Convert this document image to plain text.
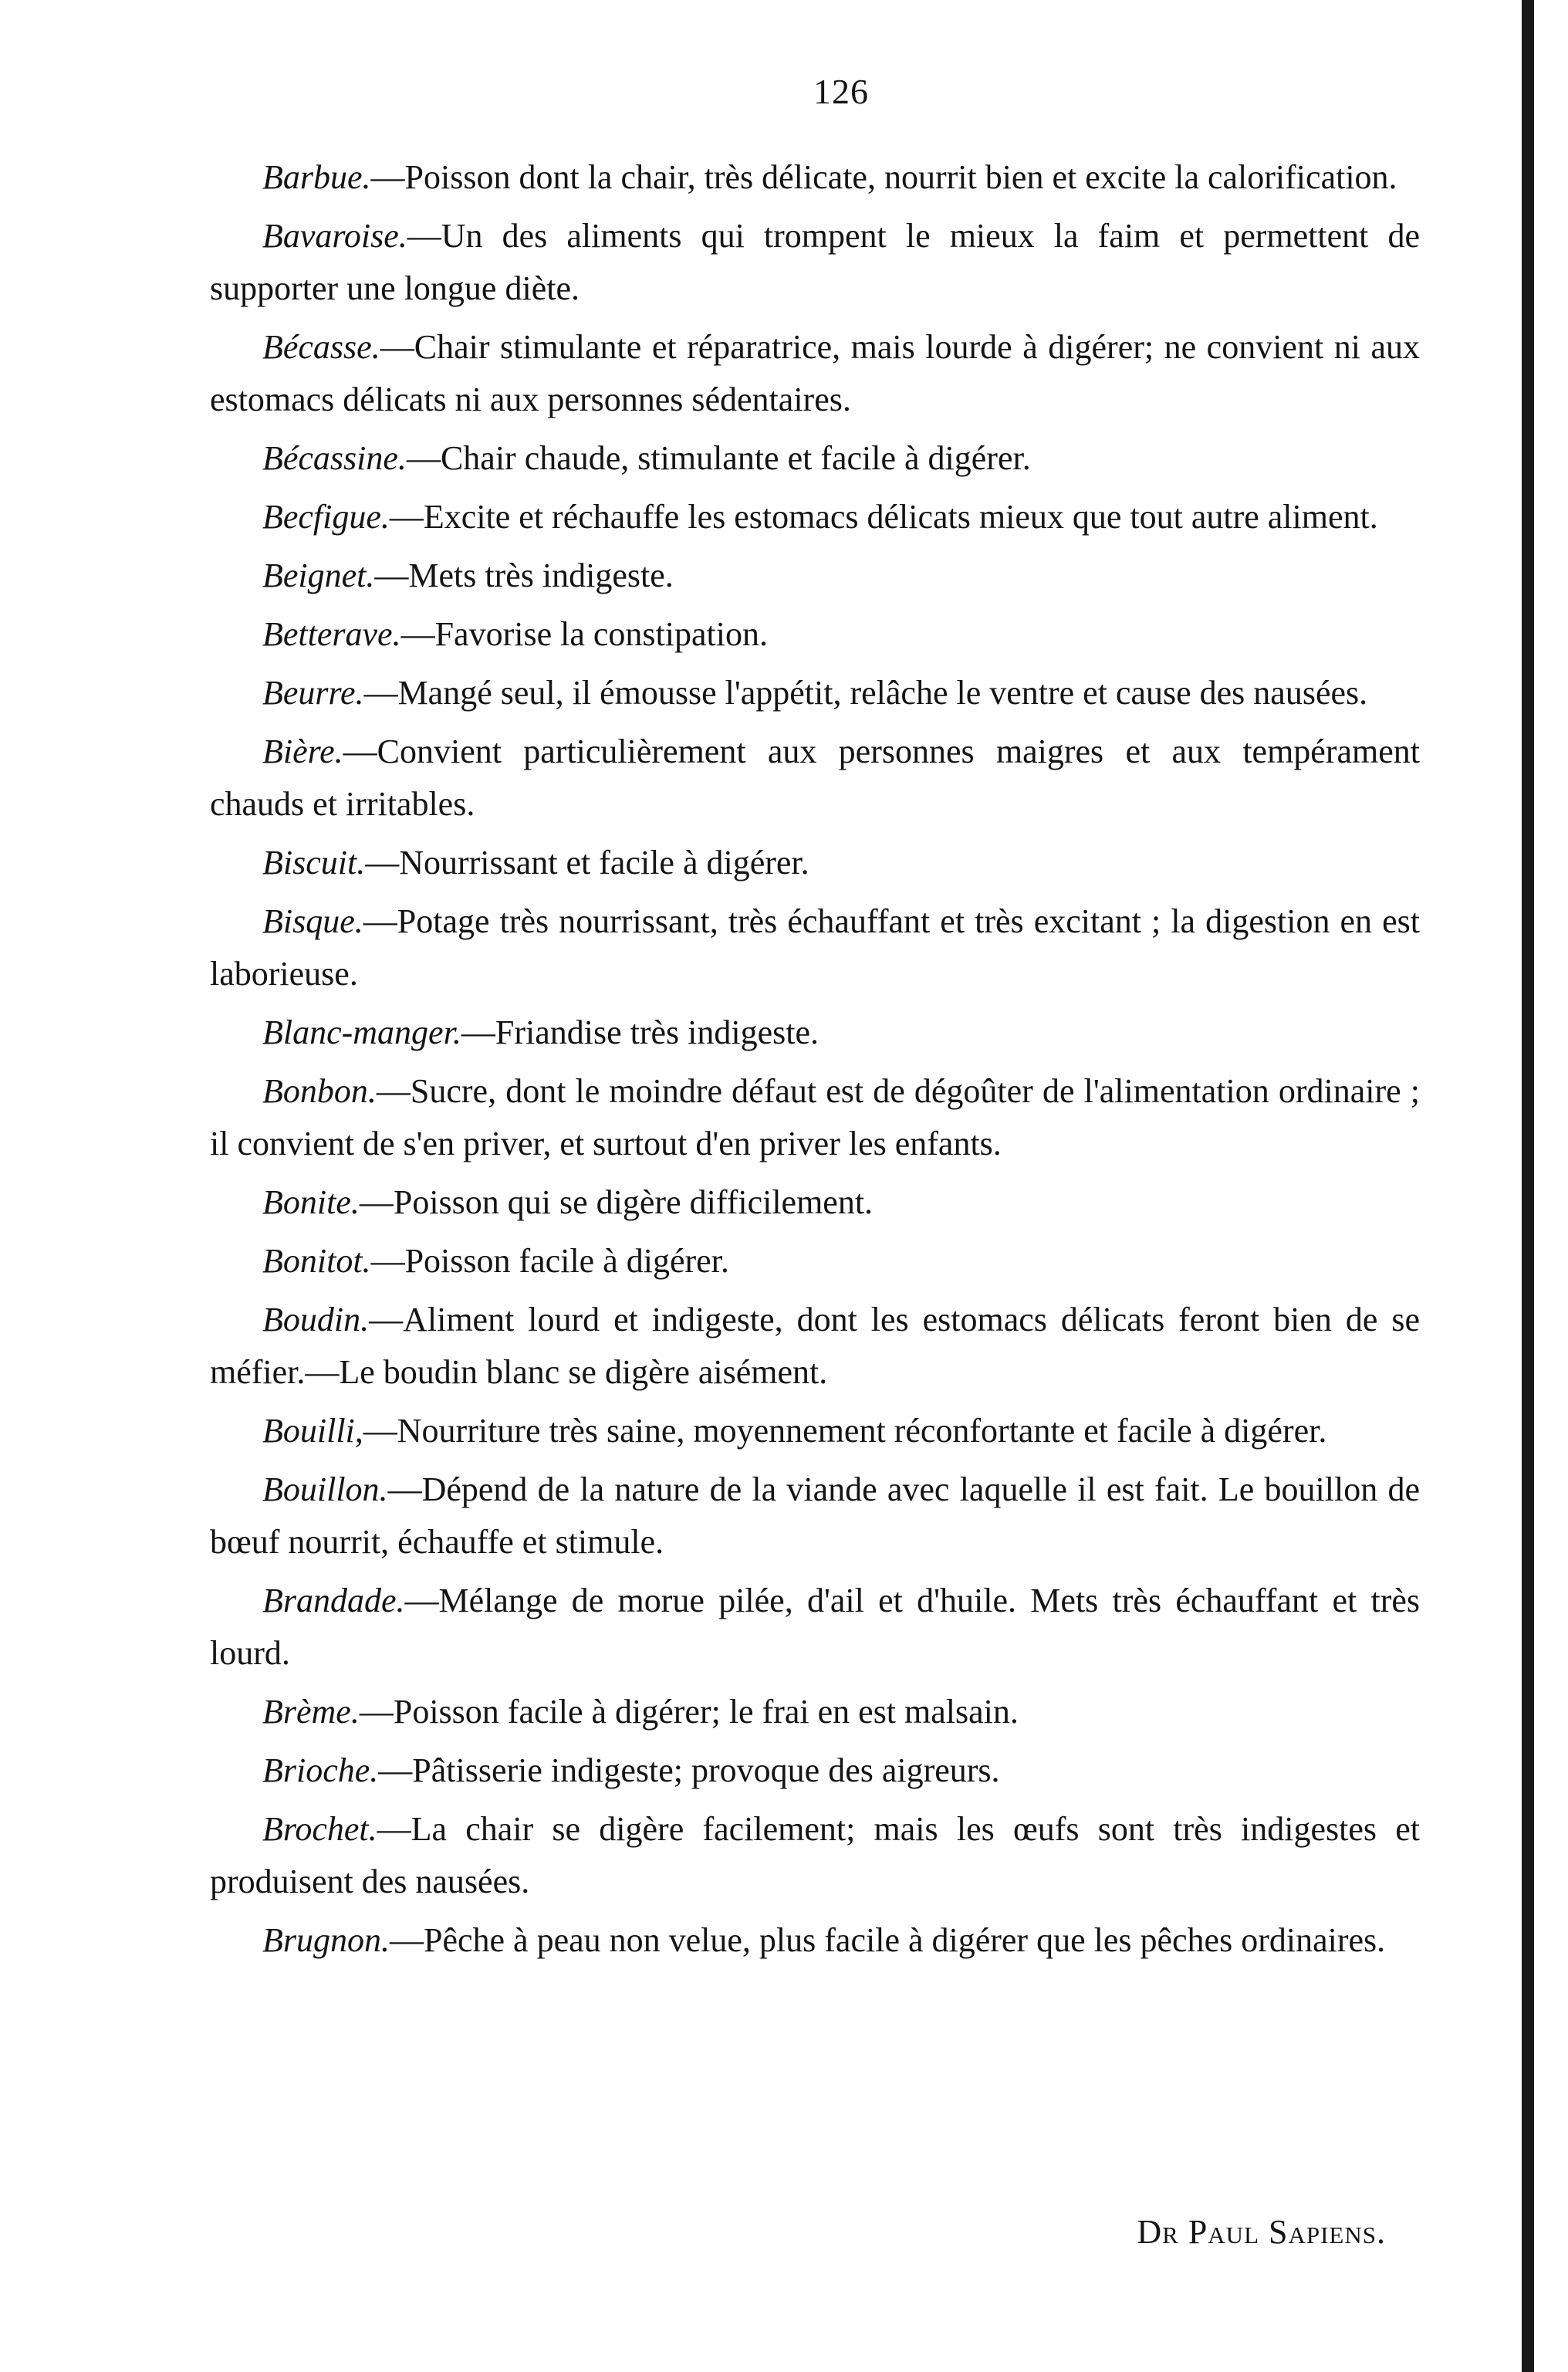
126

Barbue.—Poisson dont la chair, très délicate, nourrit bien et excite la calorification.

Bavaroise.—Un des aliments qui trompent le mieux la faim et permettent de supporter une longue diète.

Bécasse.—Chair stimulante et réparatrice, mais lourde à digérer; ne convient ni aux estomacs délicats ni aux personnes sédentaires.

Bécassine.—Chair chaude, stimulante et facile à digérer.

Becfigue.—Excite et réchauffe les estomacs délicats mieux que tout autre aliment.

Beignet.—Mets très indigeste.

Betterave.—Favorise la constipation.

Beurre.—Mangé seul, il émousse l'appétit, relâche le ventre et cause des nausées.

Bière.—Convient particulièrement aux personnes maigres et aux tempérament chauds et irritables.

Biscuit.—Nourrissant et facile à digérer.

Bisque.—Potage très nourrissant, très échauffant et très excitant ; la digestion en est laborieuse.

Blanc-manger.—Friandise très indigeste.

Bonbon.—Sucre, dont le moindre défaut est de dégoûter de l'alimentation ordinaire ; il convient de s'en priver, et surtout d'en priver les enfants.

Bonite.—Poisson qui se digère difficilement.

Bonitot.—Poisson facile à digérer.

Boudin.—Aliment lourd et indigeste, dont les estomacs délicats feront bien de se méfier.—Le boudin blanc se digère aisément.

Bouilli,—Nourriture très saine, moyennement réconfortante et facile à digérer.

Bouillon.—Dépend de la nature de la viande avec laquelle il est fait. Le bouillon de bœuf nourrit, échauffe et stimule.

Brandade.—Mélange de morue pilée, d'ail et d'huile. Mets très échauffant et très lourd.

Brème.—Poisson facile à digérer; le frai en est malsain.

Brioche.—Pâtisserie indigeste; provoque des aigreurs.

Brochet.—La chair se digère facilement; mais les œufs sont très indigestes et produisent des nausées.

Brugnon.—Pêche à peau non velue, plus facile à digérer que les pêches ordinaires.

Dr Paul Sapiens.
